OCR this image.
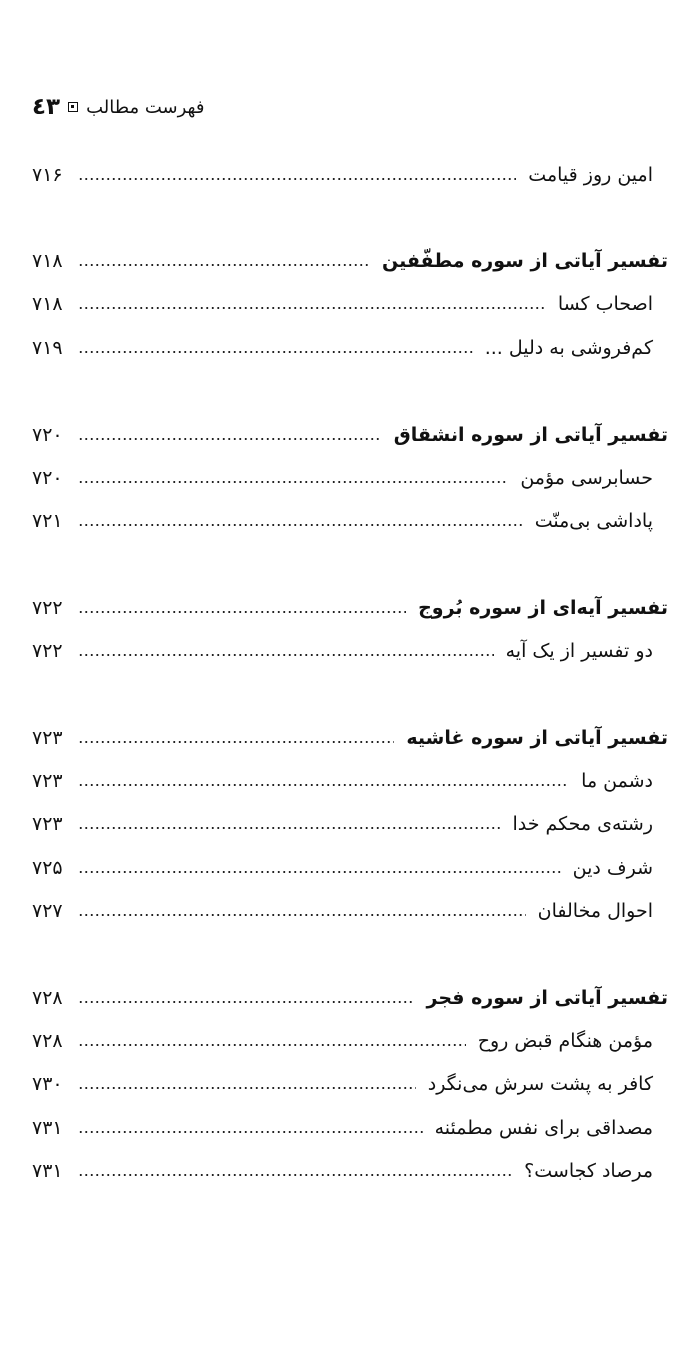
٤٣ فهرست مطالب
امین روز قیامت
۷۱۶
تفسیر آیاتی از سوره مطفّفین
۷۱۸
اصحاب کسا
۷۱۸
کم‌فروشی به دلیل ...
۷۱۹
تفسیر آیاتی از سوره انشقاق
۷۲۰
حسابرسی مؤمن
۷۲۰
پاداشی بی‌منّت
۷۲۱
تفسیر آیه‌ای از سوره بُروج
۷۲۲
دو تفسیر از یک آیه
۷۲۲
تفسیر آیاتی از سوره غاشیه
۷۲۳
دشمن ما
۷۲۳
رشته‌ی محکم خدا
۷۲۳
شرف دین
۷۲۵
احوال مخالفان
۷۲۷
تفسیر آیاتی از سوره فجر
۷۲۸
مؤمن هنگام قبض روح
۷۲۸
کافر به پشت سرش می‌نگرد
۷۳۰
مصداقی برای نفس مطمئنه
۷۳۱
مرصاد کجاست؟
۷۳۱
